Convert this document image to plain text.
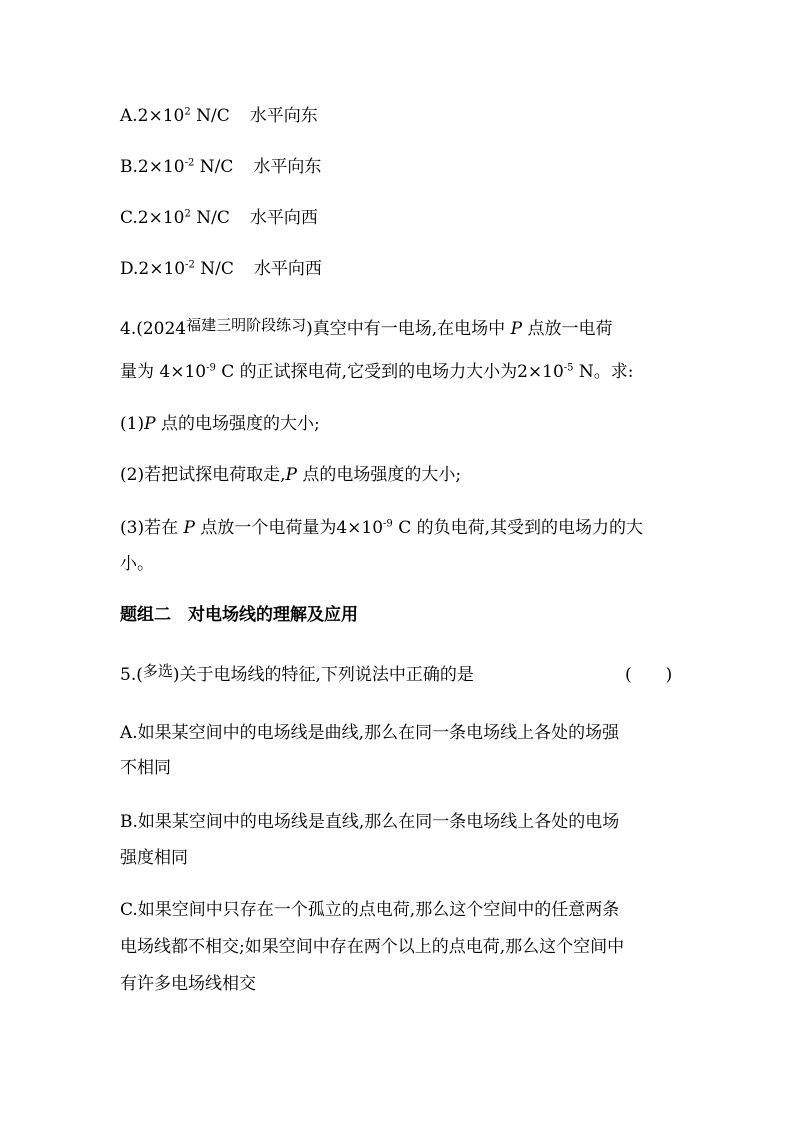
$A.2\times 10^2$ N/C 水平向东
$B.2\times 10^{-2}$ N/C 水平向东
$C.2\times 10^2$ N/C 水平向西
$D.2\times 10^{-2}$ N/C 水平向西
4.(2024福建三明阶段练习)真空中有一电场,在电场中 P 点放一电荷
量为 $4\times 10^{-9}$ C 的正试探电荷,它受到的电场力大小为$2\times 10^{-5}$ N。求:
(1)P 点的电场强度的大小;
(2)若把试探电荷取走,P 点的电场强度的大小;
(3)若在 P 点放一个电荷量为$4\times 10^{-9}$ C 的负电荷,其受到的电场力的大
小。
题组二　对电场线的理解及应用
5.(多选)关于电场线的特征,下列说法中正确的是	(　　)
A.如果某空间中的电场线是曲线,那么在同一条电场线上各处的场强
不相同
B.如果某空间中的电场线是直线,那么在同一条电场线上各处的电场
强度相同
C.如果空间中只存在一个孤立的点电荷,那么这个空间中的任意两条
电场线都不相交;如果空间中存在两个以上的点电荷,那么这个空间中
有许多电场线相交
